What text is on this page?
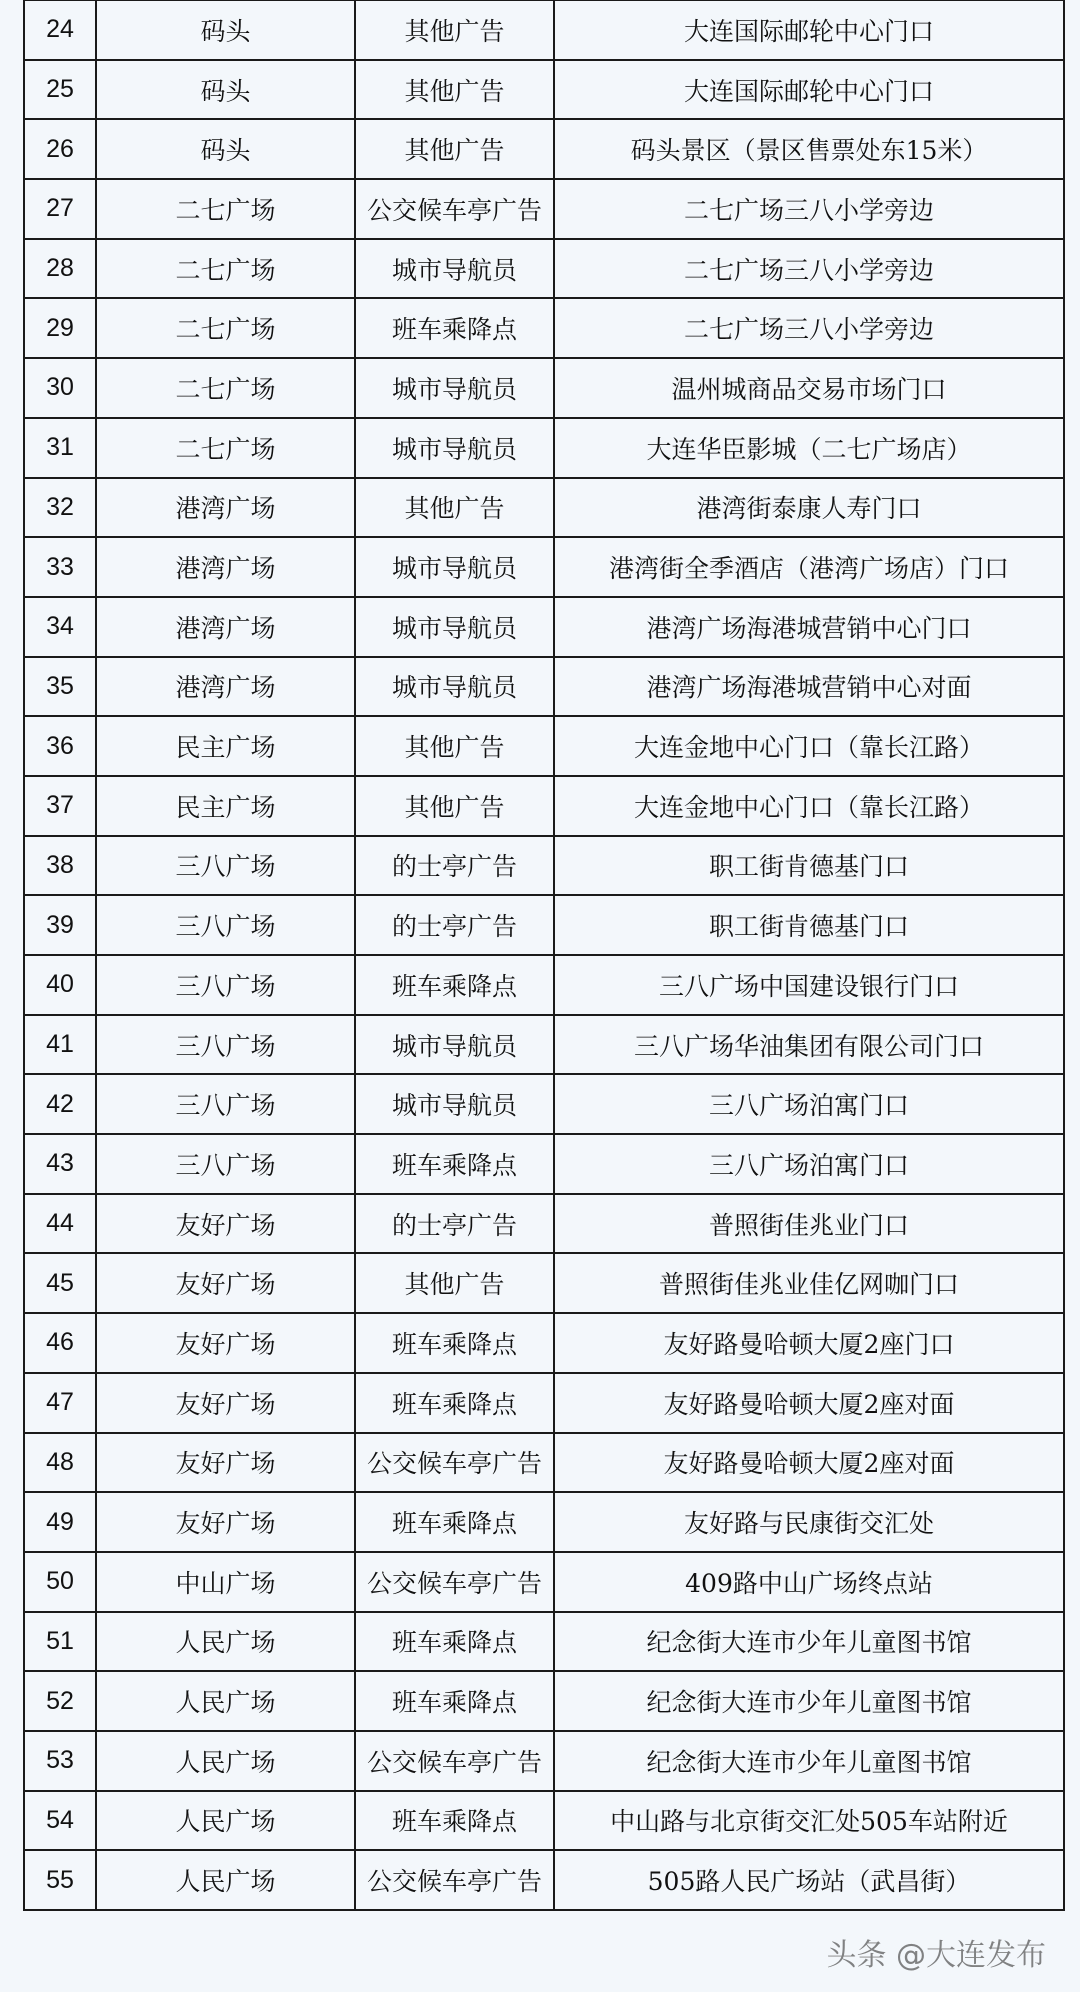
24	码头	其他广告	大连国际邮轮中心门口
25	码头	其他广告	大连国际邮轮中心门口
26	码头	其他广告	码头景区（景区售票处东15米）
27	二七广场	公交候车亭广告	二七广场三八小学旁边
28	二七广场	城市导航员	二七广场三八小学旁边
29	二七广场	班车乘降点	二七广场三八小学旁边
30	二七广场	城市导航员	温州城商品交易市场门口
31	二七广场	城市导航员	大连华臣影城（二七广场店）
32	港湾广场	其他广告	港湾街泰康人寿门口
33	港湾广场	城市导航员	港湾街全季酒店（港湾广场店）门口
34	港湾广场	城市导航员	港湾广场海港城营销中心门口
35	港湾广场	城市导航员	港湾广场海港城营销中心对面
36	民主广场	其他广告	大连金地中心门口（靠长江路）
37	民主广场	其他广告	大连金地中心门口（靠长江路）
38	三八广场	的士亭广告	职工街肯德基门口
39	三八广场	的士亭广告	职工街肯德基门口
40	三八广场	班车乘降点	三八广场中国建设银行门口
41	三八广场	城市导航员	三八广场华油集团有限公司门口
42	三八广场	城市导航员	三八广场泊寓门口
43	三八广场	班车乘降点	三八广场泊寓门口
44	友好广场	的士亭广告	普照街佳兆业门口
45	友好广场	其他广告	普照街佳兆业佳亿网咖门口
46	友好广场	班车乘降点	友好路曼哈顿大厦2座门口
47	友好广场	班车乘降点	友好路曼哈顿大厦2座对面
48	友好广场	公交候车亭广告	友好路曼哈顿大厦2座对面
49	友好广场	班车乘降点	友好路与民康街交汇处
50	中山广场	公交候车亭广告	409路中山广场终点站
51	人民广场	班车乘降点	纪念街大连市少年儿童图书馆
52	人民广场	班车乘降点	纪念街大连市少年儿童图书馆
53	人民广场	公交候车亭广告	纪念街大连市少年儿童图书馆
54	人民广场	班车乘降点	中山路与北京街交汇处505车站附近
55	人民广场	公交候车亭广告	505路人民广场站（武昌街）
头条 @大连发布
